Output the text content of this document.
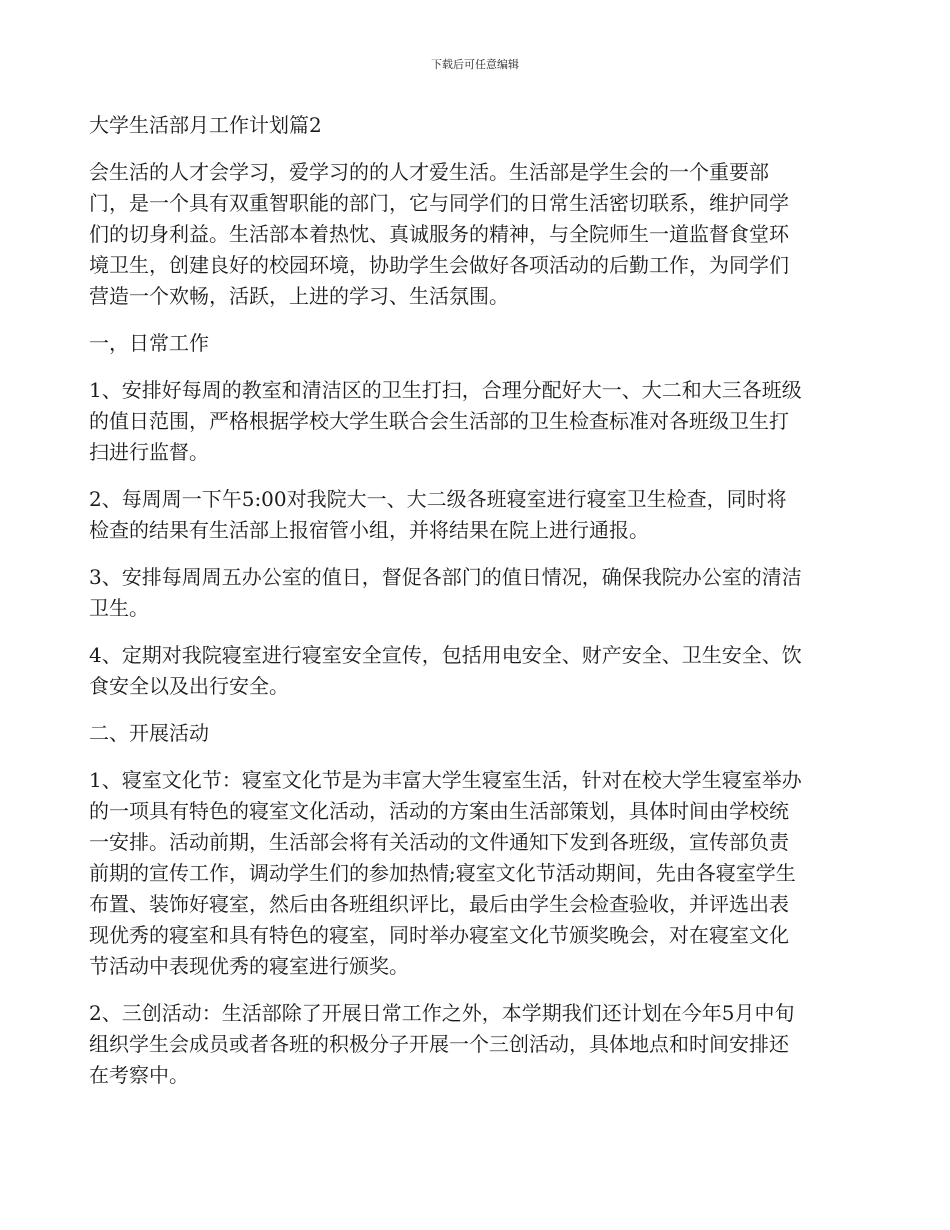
下载后可任意编辑

大学生活部月工作计划篇2

会生活的人才会学习，爱学习的的人才爱生活。生活部是学生会的一个重要部

门，是一个具有双重智职能的部门，它与同学们的日常生活密切联系，维护同学

们的切身利益。生活部本着热忱、真诚服务的精神，与全院师生一道监督食堂环

境卫生，创建良好的校园环境，协助学生会做好各项活动的后勤工作，为同学们

营造一个欢畅，活跃，上进的学习、生活氛围。

一，日常工作

1、安排好每周的教室和清洁区的卫生打扫，合理分配好大一、大二和大三各班级

的值日范围，严格根据学校大学生联合会生活部的卫生检查标准对各班级卫生打

扫进行监督。

2、每周周一下午5:00对我院大一、大二级各班寝室进行寝室卫生检查，同时将

检查的结果有生活部上报宿管小组，并将结果在院上进行通报。

3、安排每周周五办公室的值日，督促各部门的值日情况，确保我院办公室的清洁

卫生。

4、定期对我院寝室进行寝室安全宣传，包括用电安全、财产安全、卫生安全、饮

食安全以及出行安全。

二、开展活动

1、寝室文化节：寝室文化节是为丰富大学生寝室生活，针对在校大学生寝室举办

的一项具有特色的寝室文化活动，活动的方案由生活部策划，具体时间由学校统

一安排。活动前期，生活部会将有关活动的文件通知下发到各班级，宣传部负责

前期的宣传工作，调动学生们的参加热情;寝室文化节活动期间，先由各寝室学生

布置、装饰好寝室，然后由各班组织评比，最后由学生会检查验收，并评选出表

现优秀的寝室和具有特色的寝室，同时举办寝室文化节颁奖晚会，对在寝室文化

节活动中表现优秀的寝室进行颁奖。

2、三创活动：生活部除了开展日常工作之外，本学期我们还计划在今年5月中旬

组织学生会成员或者各班的积极分子开展一个三创活动，具体地点和时间安排还

在考察中。
